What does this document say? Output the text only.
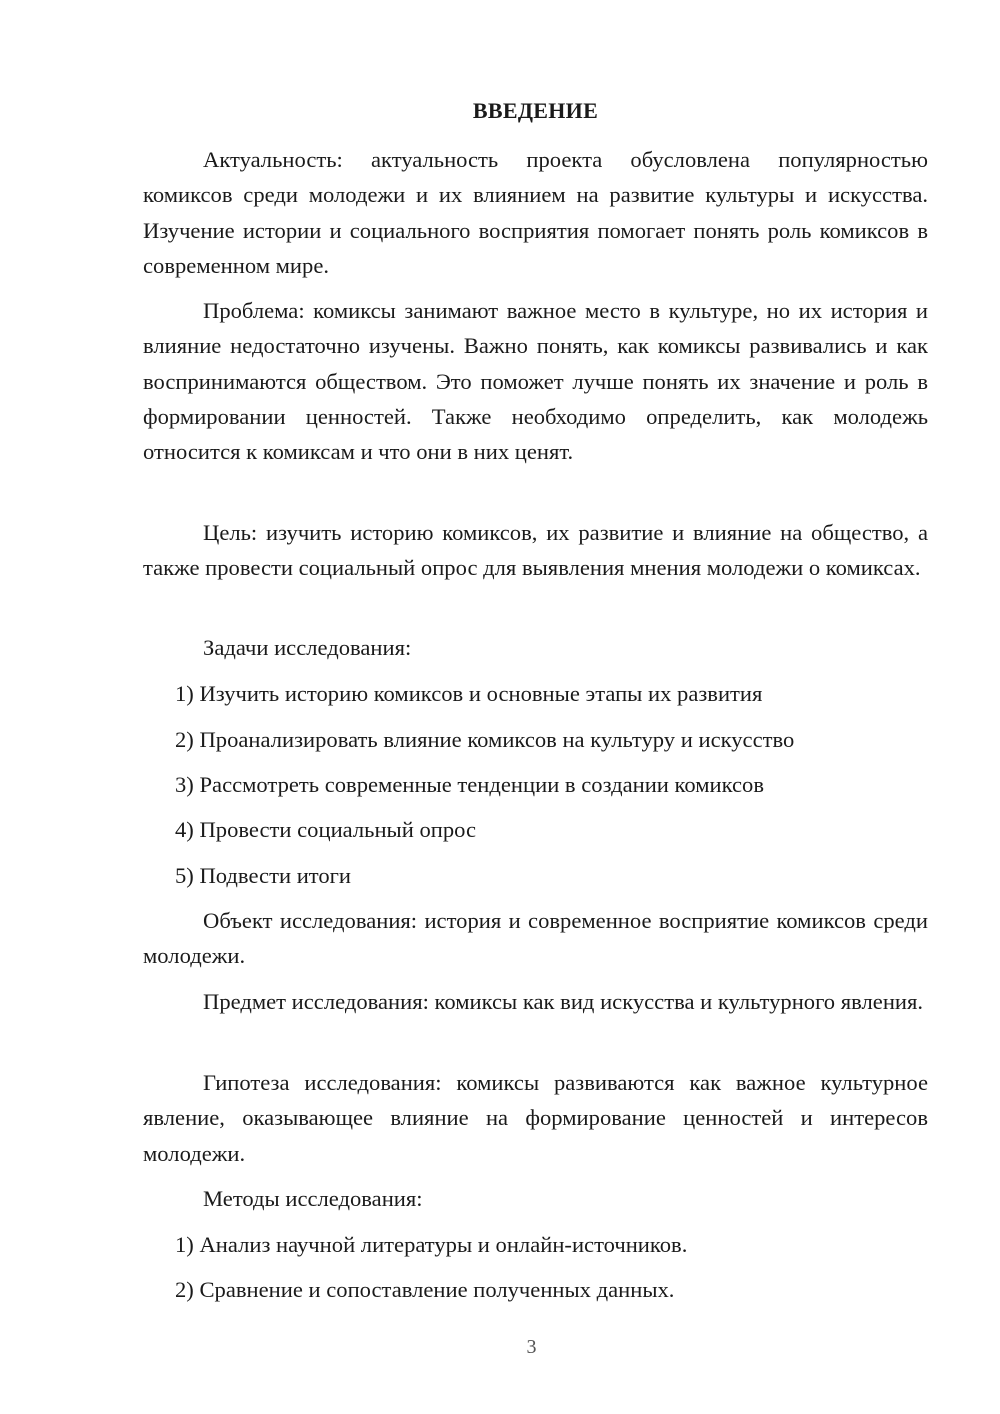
ВВЕДЕНИЕ

Актуальность: актуальность проекта обусловлена популярностью комиксов среди молодежи и их влиянием на развитие культуры и искусства. Изучение истории и социального восприятия помогает понять роль комиксов в современном мире.

Проблема: комиксы занимают важное место в культуре, но их история и влияние недостаточно изучены. Важно понять, как комиксы развивались и как воспринимаются обществом. Это поможет лучше понять их значение и роль в формировании ценностей. Также необходимо определить, как молодежь относится к комиксам и что они в них ценят.

Цель: изучить историю комиксов, их развитие и влияние на общество, а также провести социальный опрос для выявления мнения молодежи о комиксах.

Задачи исследования:

1) Изучить историю комиксов и основные этапы их развития

2) Проанализировать влияние комиксов на культуру и искусство

3) Рассмотреть современные тенденции в создании комиксов

4) Провести социальный опрос

5) Подвести итоги

Объект исследования: история и современное восприятие комиксов среди молодежи.

Предмет исследования: комиксы как вид искусства и культурного явления.

Гипотеза исследования: комиксы развиваются как важное культурное явление, оказывающее влияние на формирование ценностей и интересов молодежи.

Методы исследования:

1) Анализ научной литературы и онлайн-источников.

2) Сравнение и сопоставление полученных данных.

3
